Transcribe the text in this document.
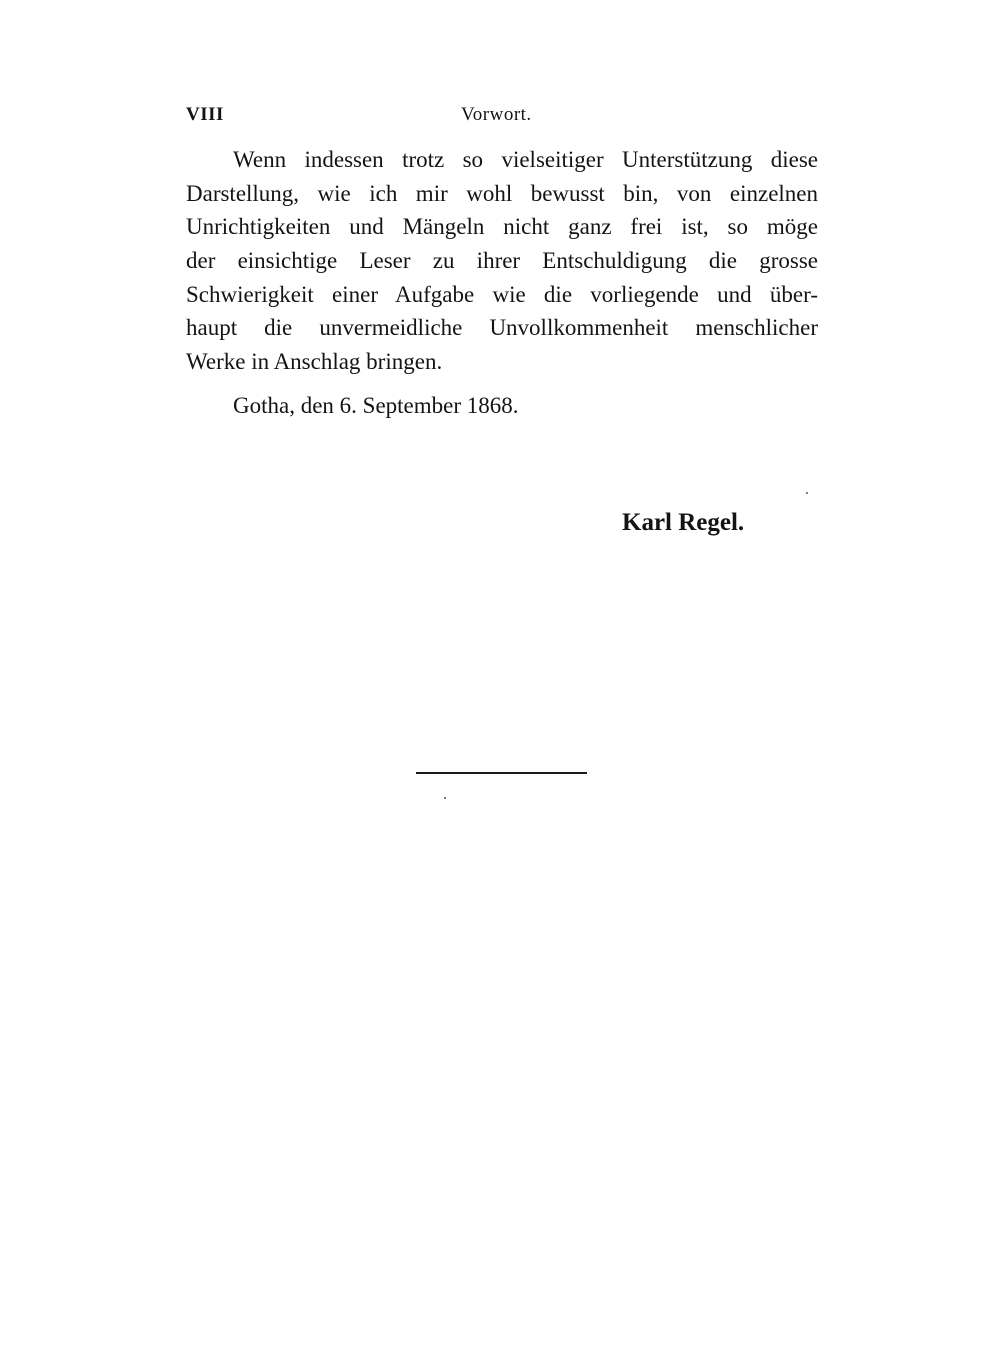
VIII	Vorwort.
Wenn indessen trotz so vielseitiger Unterstützung diese
Darstellung, wie ich mir wohl bewusst bin, von einzelnen
Unrichtigkeiten und Mängeln nicht ganz frei ist, so möge
der einsichtige Leser zu ihrer Entschuldigung die grosse
Schwierigkeit einer Aufgabe wie die vorliegende und über-
haupt die unvermeidliche Unvollkommenheit menschlicher
Werke in Anschlag bringen.
Gotha, den 6. September 1868.
Karl Regel.
